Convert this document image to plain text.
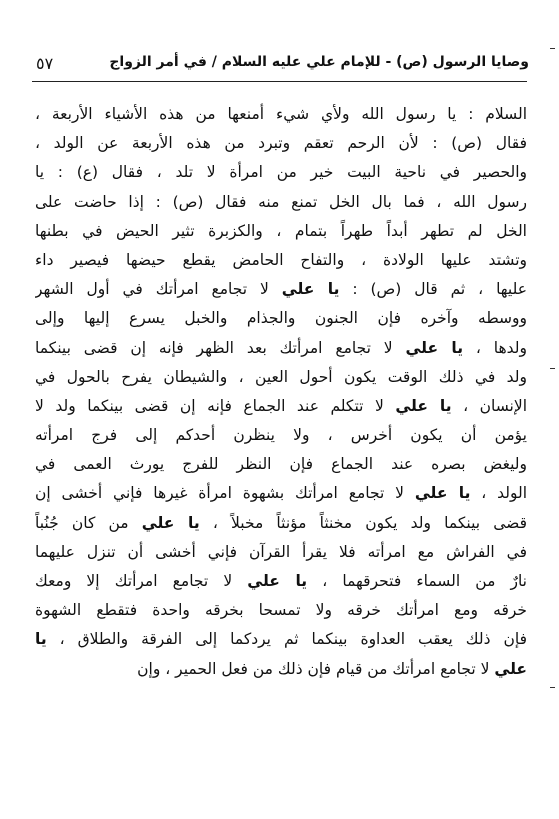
وصايا الرسول (ص) - للإمام علي عليه السلام / في أمر الزواج
٥٧
السلام : يا رسول الله ولأي شيء أمنعها من هذه الأشياء الأربعة ،
فقال (ص) : لأن الرحم تعقم وتبرد من هذه الأربعة عن الولد ،
والحصير في ناحية البيت خير من امرأة لا تلد ، فقال (ع) : يا
رسول الله ، فما بال الخل تمنع منه فقال (ص) : إذا حاضت على
الخل لم تطهر أبداً طهراً بتمام ، والكزبرة تثير الحيض في بطنها
وتشتد عليها الولادة ، والتفاح الحامض يقطع حيضها فيصير داء
عليها ، ثم قال (ص) : يا علي لا تجامع امرأتك في أول الشهر
ووسطه وآخره فإن الجنون والجذام والخبل يسرع إليها وإلى
ولدها ، يا علي لا تجامع امرأتك بعد الظهر فإنه إن قضى بينكما
ولد في ذلك الوقت يكون أحول العين ، والشيطان يفرح بالحول في
الإنسان ، يا علي لا تتكلم عند الجماع فإنه إن قضى بينكما ولد لا
يؤمن أن يكون أخرس ، ولا ينظرن أحدكم إلى فرج امرأته
وليغض بصره عند الجماع فإن النظر للفرج يورث العمى في
الولد ، يا علي لا تجامع امرأتك بشهوة امرأة غيرها فإني أخشى إن
قضى بينكما ولد يكون مخنثاً مؤنثاً مخبلاً ، يا علي من كان جُنُباً
في الفراش مع امرأته فلا يقرأ القرآن فإني أخشى أن تنزل عليهما
نارٌ من السماء فتحرقهما ، يا علي لا تجامع امرأتك إلا ومعك
خرقه ومع امرأتك خرقه ولا تمسحا بخرقه واحدة فتقطع الشهوة
فإن ذلك يعقب العداوة بينكما ثم يردكما إلى الفرقة والطلاق ، يا
علي لا تجامع امرأتك من قيام فإن ذلك من فعل الحمير ، وإن
